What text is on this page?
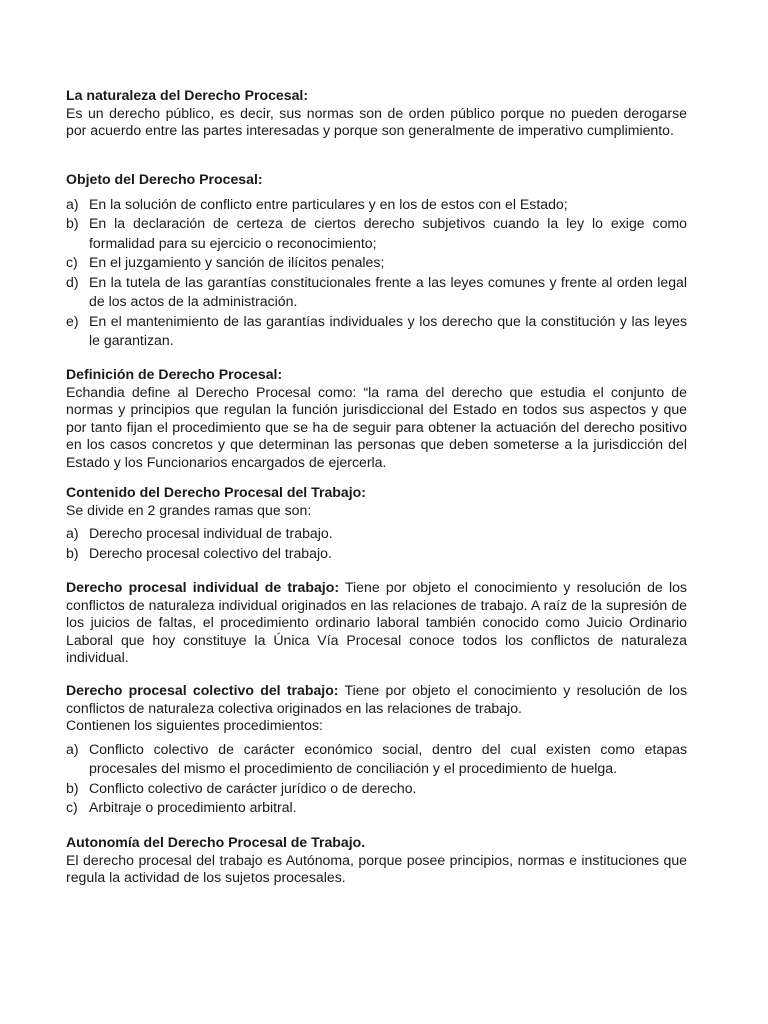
La naturaleza del Derecho Procesal:
Es un derecho público, es decir, sus normas son de orden público porque no pueden derogarse por acuerdo entre las partes interesadas y porque son generalmente de imperativo cumplimiento.
Objeto del Derecho Procesal:
a) En la solución de conflicto entre particulares y en los de estos con el Estado;
b) En la declaración de certeza de ciertos derecho subjetivos cuando la ley lo exige como formalidad para su ejercicio o reconocimiento;
c) En el juzgamiento y sanción de ilícitos penales;
d) En la tutela de las garantías constitucionales frente a las leyes comunes y frente al orden legal de los actos de la administración.
e) En el mantenimiento de las garantías individuales y los derecho que la constitución y las leyes le garantizan.
Definición de Derecho Procesal:
Echandia define al Derecho Procesal como: “la rama del derecho que estudia el conjunto de normas y principios que regulan la función jurisdiccional del Estado en todos sus aspectos y que por tanto fijan el procedimiento que se ha de seguir para obtener la actuación del derecho positivo en los casos concretos y que determinan las personas que deben someterse a la jurisdicción del Estado y los Funcionarios encargados de ejercerla.
Contenido del Derecho Procesal del Trabajo:
Se divide en 2 grandes ramas que son:
a) Derecho procesal individual de trabajo.
b) Derecho procesal colectivo del trabajo.
Derecho procesal individual de trabajo: Tiene por objeto el conocimiento y resolución de los conflictos de naturaleza individual originados en las relaciones de trabajo. A raíz de la supresión de los juicios de faltas, el procedimiento ordinario laboral también conocido como Juicio Ordinario Laboral que hoy constituye la Única Vía Procesal conoce todos los conflictos de naturaleza individual.
Derecho procesal colectivo del trabajo: Tiene por objeto el conocimiento y resolución de los conflictos de naturaleza colectiva originados en las relaciones de trabajo.
Contienen los siguientes procedimientos:
a) Conflicto colectivo de carácter económico social, dentro del cual existen como etapas procesales del mismo el procedimiento de conciliación y el procedimiento de huelga.
b) Conflicto colectivo de carácter jurídico o de derecho.
c) Arbitraje o procedimiento arbitral.
Autonomía del Derecho Procesal de Trabajo.
El derecho procesal del trabajo es Autónoma, porque posee principios, normas e instituciones que regula la actividad de los sujetos procesales.
